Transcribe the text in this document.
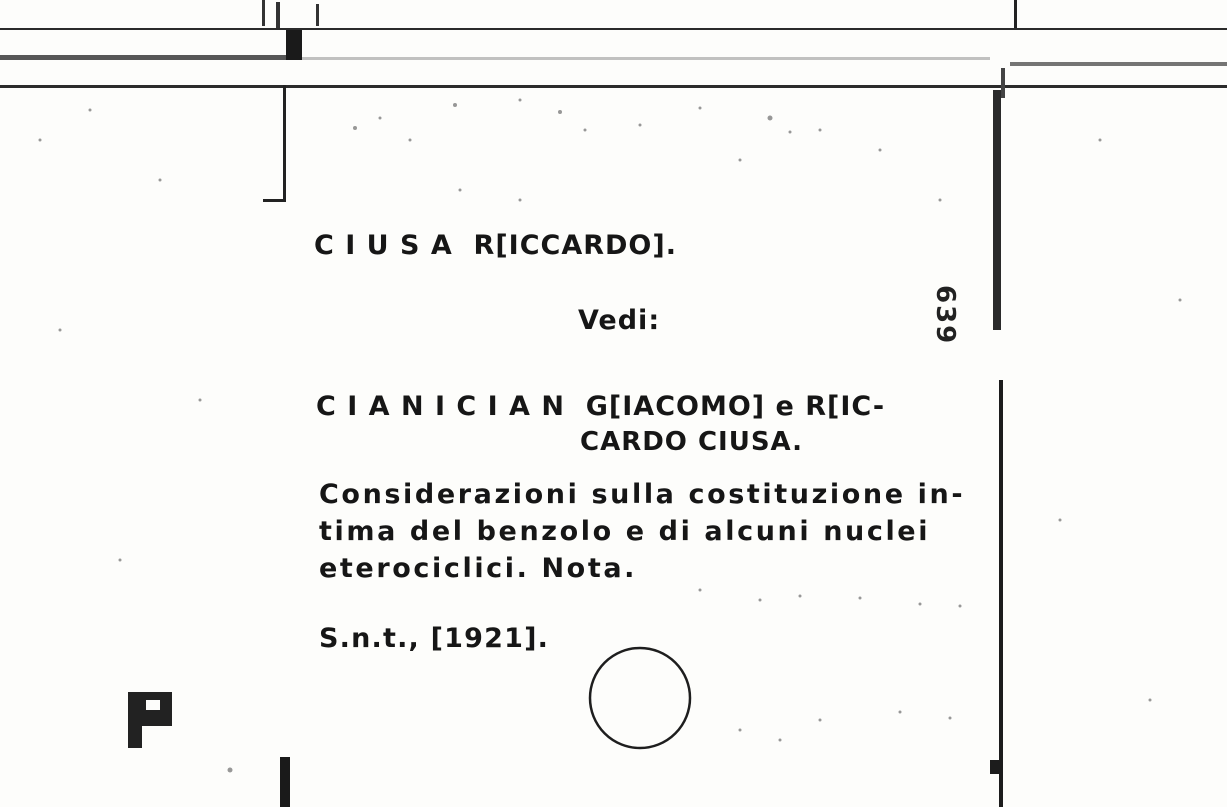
C I U S A  R[ICCARDO].
Vedi:	639
C I A N I C I A N  G[IACOMO] e R[IC-
CARDO CIUSA.
Considerazioni sulla costituzione in-
tima del benzolo e di alcuni nuclei
eterociclici. Nota.
S.n.t., [1921].
